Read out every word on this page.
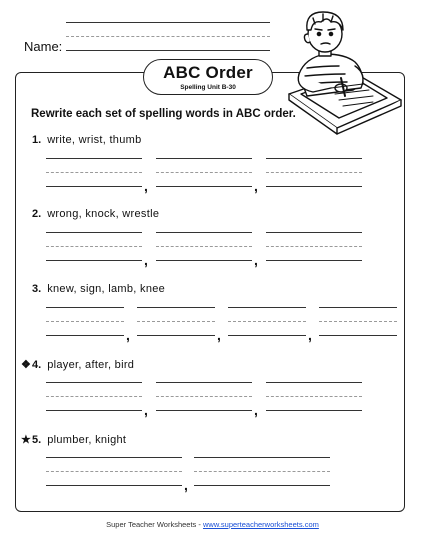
Name:
ABC Order
Spelling Unit B-30
Rewrite each set of spelling words in ABC order.
1. write, wrist, thumb
,	,
2. wrong, knock, wrestle
,	,
3. knew, sign, lamb, knee
,	,	,
❖4. player, after, bird
,	,
★5. plumber, knight
,
Super Teacher Worksheets - www.superteacherworksheets.com
